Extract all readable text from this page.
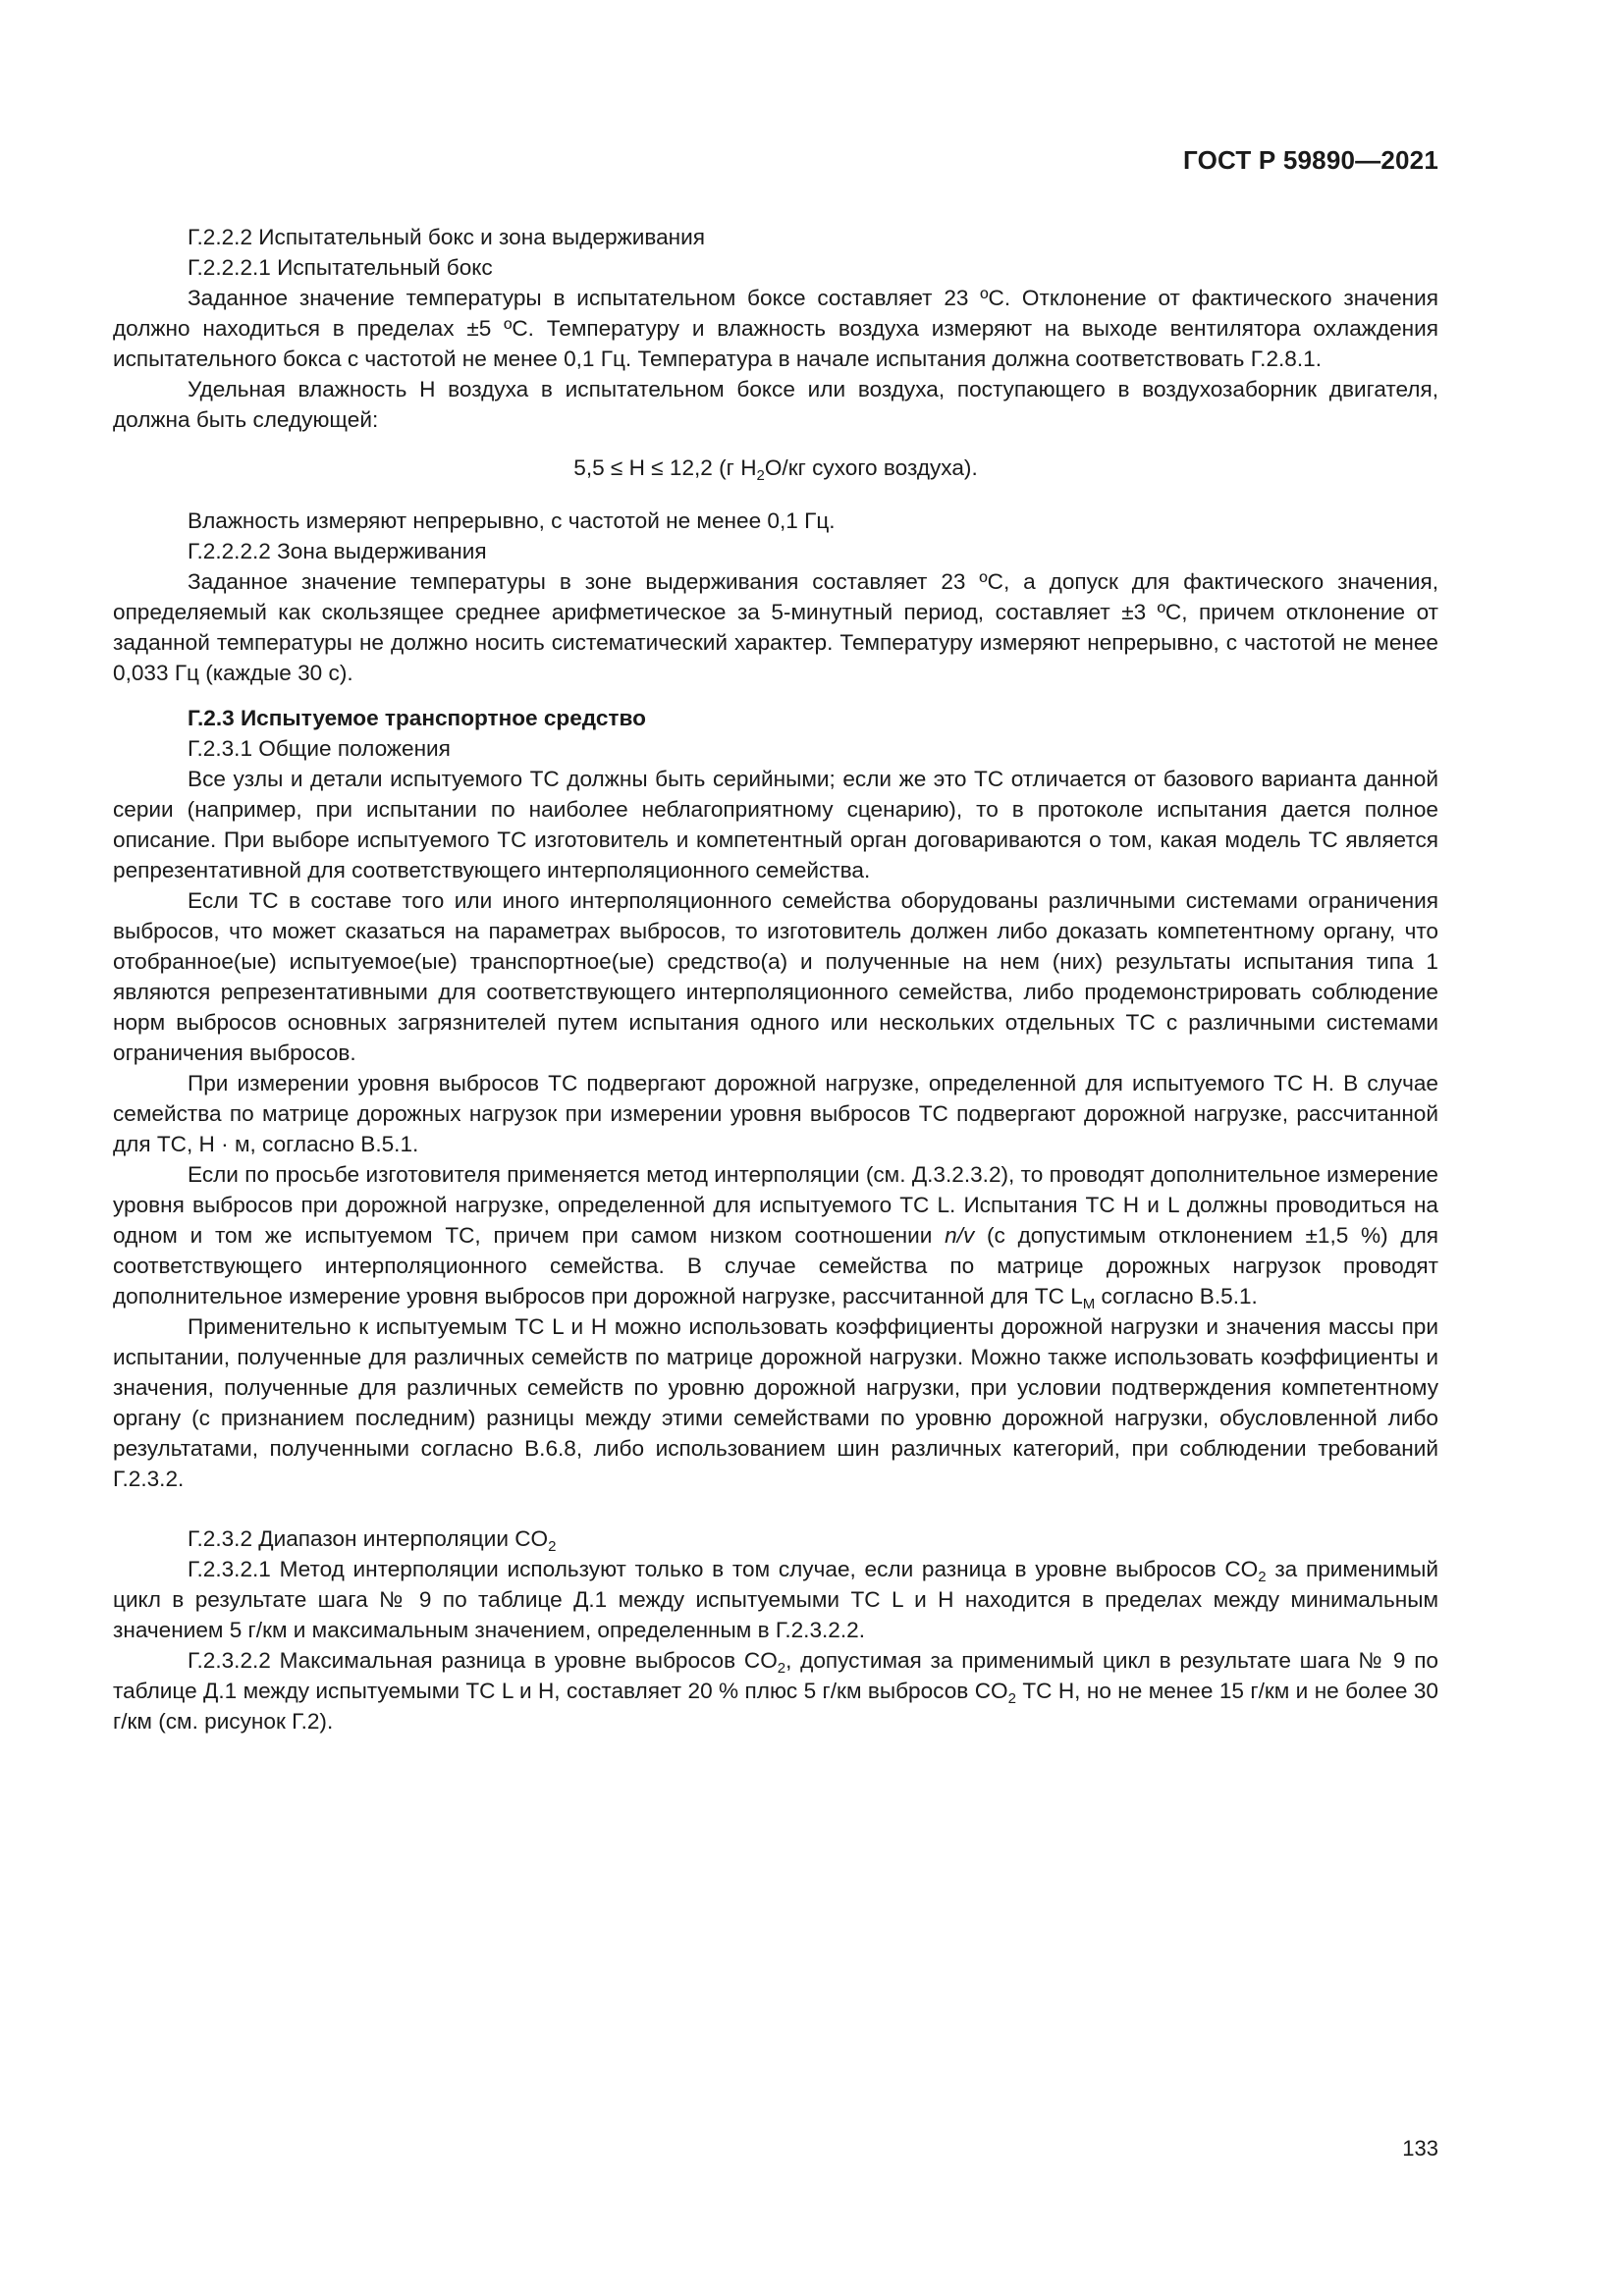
ГОСТ Р 59890—2021

Г.2.2.2 Испытательный бокс и зона выдерживания

Г.2.2.2.1 Испытательный бокс

Заданное значение температуры в испытательном боксе составляет 23 ºС. Отклонение от фактического значения должно находиться в пределах ±5 ºС. Температуру и влажность воздуха измеряют на выходе вентилятора охлаждения испытательного бокса с частотой не менее 0,1 Гц. Температура в начале испытания должна соответствовать Г.2.8.1.

Удельная влажность H воздуха в испытательном боксе или воздуха, поступающего в воздухозаборник двигателя, должна быть следующей:

5,5 ≤ H ≤ 12,2 (г $H_2O/кг$ сухого воздуха).

Влажность измеряют непрерывно, с частотой не менее 0,1 Гц.

Г.2.2.2.2 Зона выдерживания

Заданное значение температуры в зоне выдерживания составляет 23 ºС, а допуск для фактического значения, определяемый как скользящее среднее арифметическое за 5-минутный период, составляет ±3 ºС, причем отклонение от заданной температуры не должно носить систематический характер. Температуру измеряют непрерывно, с частотой не менее 0,033 Гц (каждые 30 с).

Г.2.3 Испытуемое транспортное средство

Г.2.3.1 Общие положения

Все узлы и детали испытуемого ТС должны быть серийными; если же это ТС отличается от базового варианта данной серии (например, при испытании по наиболее неблагоприятному сценарию), то в протоколе испытания дается полное описание. При выборе испытуемого ТС изготовитель и компетентный орган договариваются о том, какая модель ТС является репрезентативной для соответствующего интерполяционного семейства.

Если ТС в составе того или иного интерполяционного семейства оборудованы различными системами ограничения выбросов, что может сказаться на параметрах выбросов, то изготовитель должен либо доказать компетентному органу, что отобранное(ые) испытуемое(ые) транспортное(ые) средство(а) и полученные на нем (них) результаты испытания типа 1 являются репрезентативными для соответствующего интерполяционного семейства, либо продемонстрировать соблюдение норм выбросов основных загрязнителей путем испытания одного или нескольких отдельных ТС с различными системами ограничения выбросов.

При измерении уровня выбросов ТС подвергают дорожной нагрузке, определенной для испытуемого ТС H. В случае семейства по матрице дорожных нагрузок при измерении уровня выбросов ТС подвергают дорожной нагрузке, рассчитанной для ТС, H · м, согласно В.5.1.

Если по просьбе изготовителя применяется метод интерполяции (см. Д.3.2.3.2), то проводят дополнительное измерение уровня выбросов при дорожной нагрузке, определенной для испытуемого ТС L. Испытания ТС H и L должны проводиться на одном и том же испытуемом ТС, причем при самом низком соотношении n/v (с допустимым отклонением ±1,5 %) для соответствующего интерполяционного семейства. В случае семейства по матрице дорожных нагрузок проводят дополнительное измерение уровня выбросов при дорожной нагрузке, рассчитанной для ТС $L_M$ согласно В.5.1.

Применительно к испытуемым ТС L и H можно использовать коэффициенты дорожной нагрузки и значения массы при испытании, полученные для различных семейств по матрице дорожной нагрузки. Можно также использовать коэффициенты и значения, полученные для различных семейств по уровню дорожной нагрузки, при условии подтверждения компетентному органу (с признанием последним) разницы между этими семействами по уровню дорожной нагрузки, обусловленной либо результатами, полученными согласно В.6.8, либо использованием шин различных категорий, при соблюдении требований Г.2.3.2.

Г.2.3.2 Диапазон интерполяции $CO_2$

Г.2.3.2.1 Метод интерполяции используют только в том случае, если разница в уровне выбросов $CO_2$ за применимый цикл в результате шага № 9 по таблице Д.1 между испытуемыми ТС L и H находится в пределах между минимальным значением 5 г/км и максимальным значением, определенным в Г.2.3.2.2.

Г.2.3.2.2 Максимальная разница в уровне выбросов $CO_2$, допустимая за применимый цикл в результате шага № 9 по таблице Д.1 между испытуемыми ТС L и H, составляет 20 % плюс 5 г/км выбросов $CO_2$ ТС H, но не менее 15 г/км и не более 30 г/км (см. рисунок Г.2).

133
